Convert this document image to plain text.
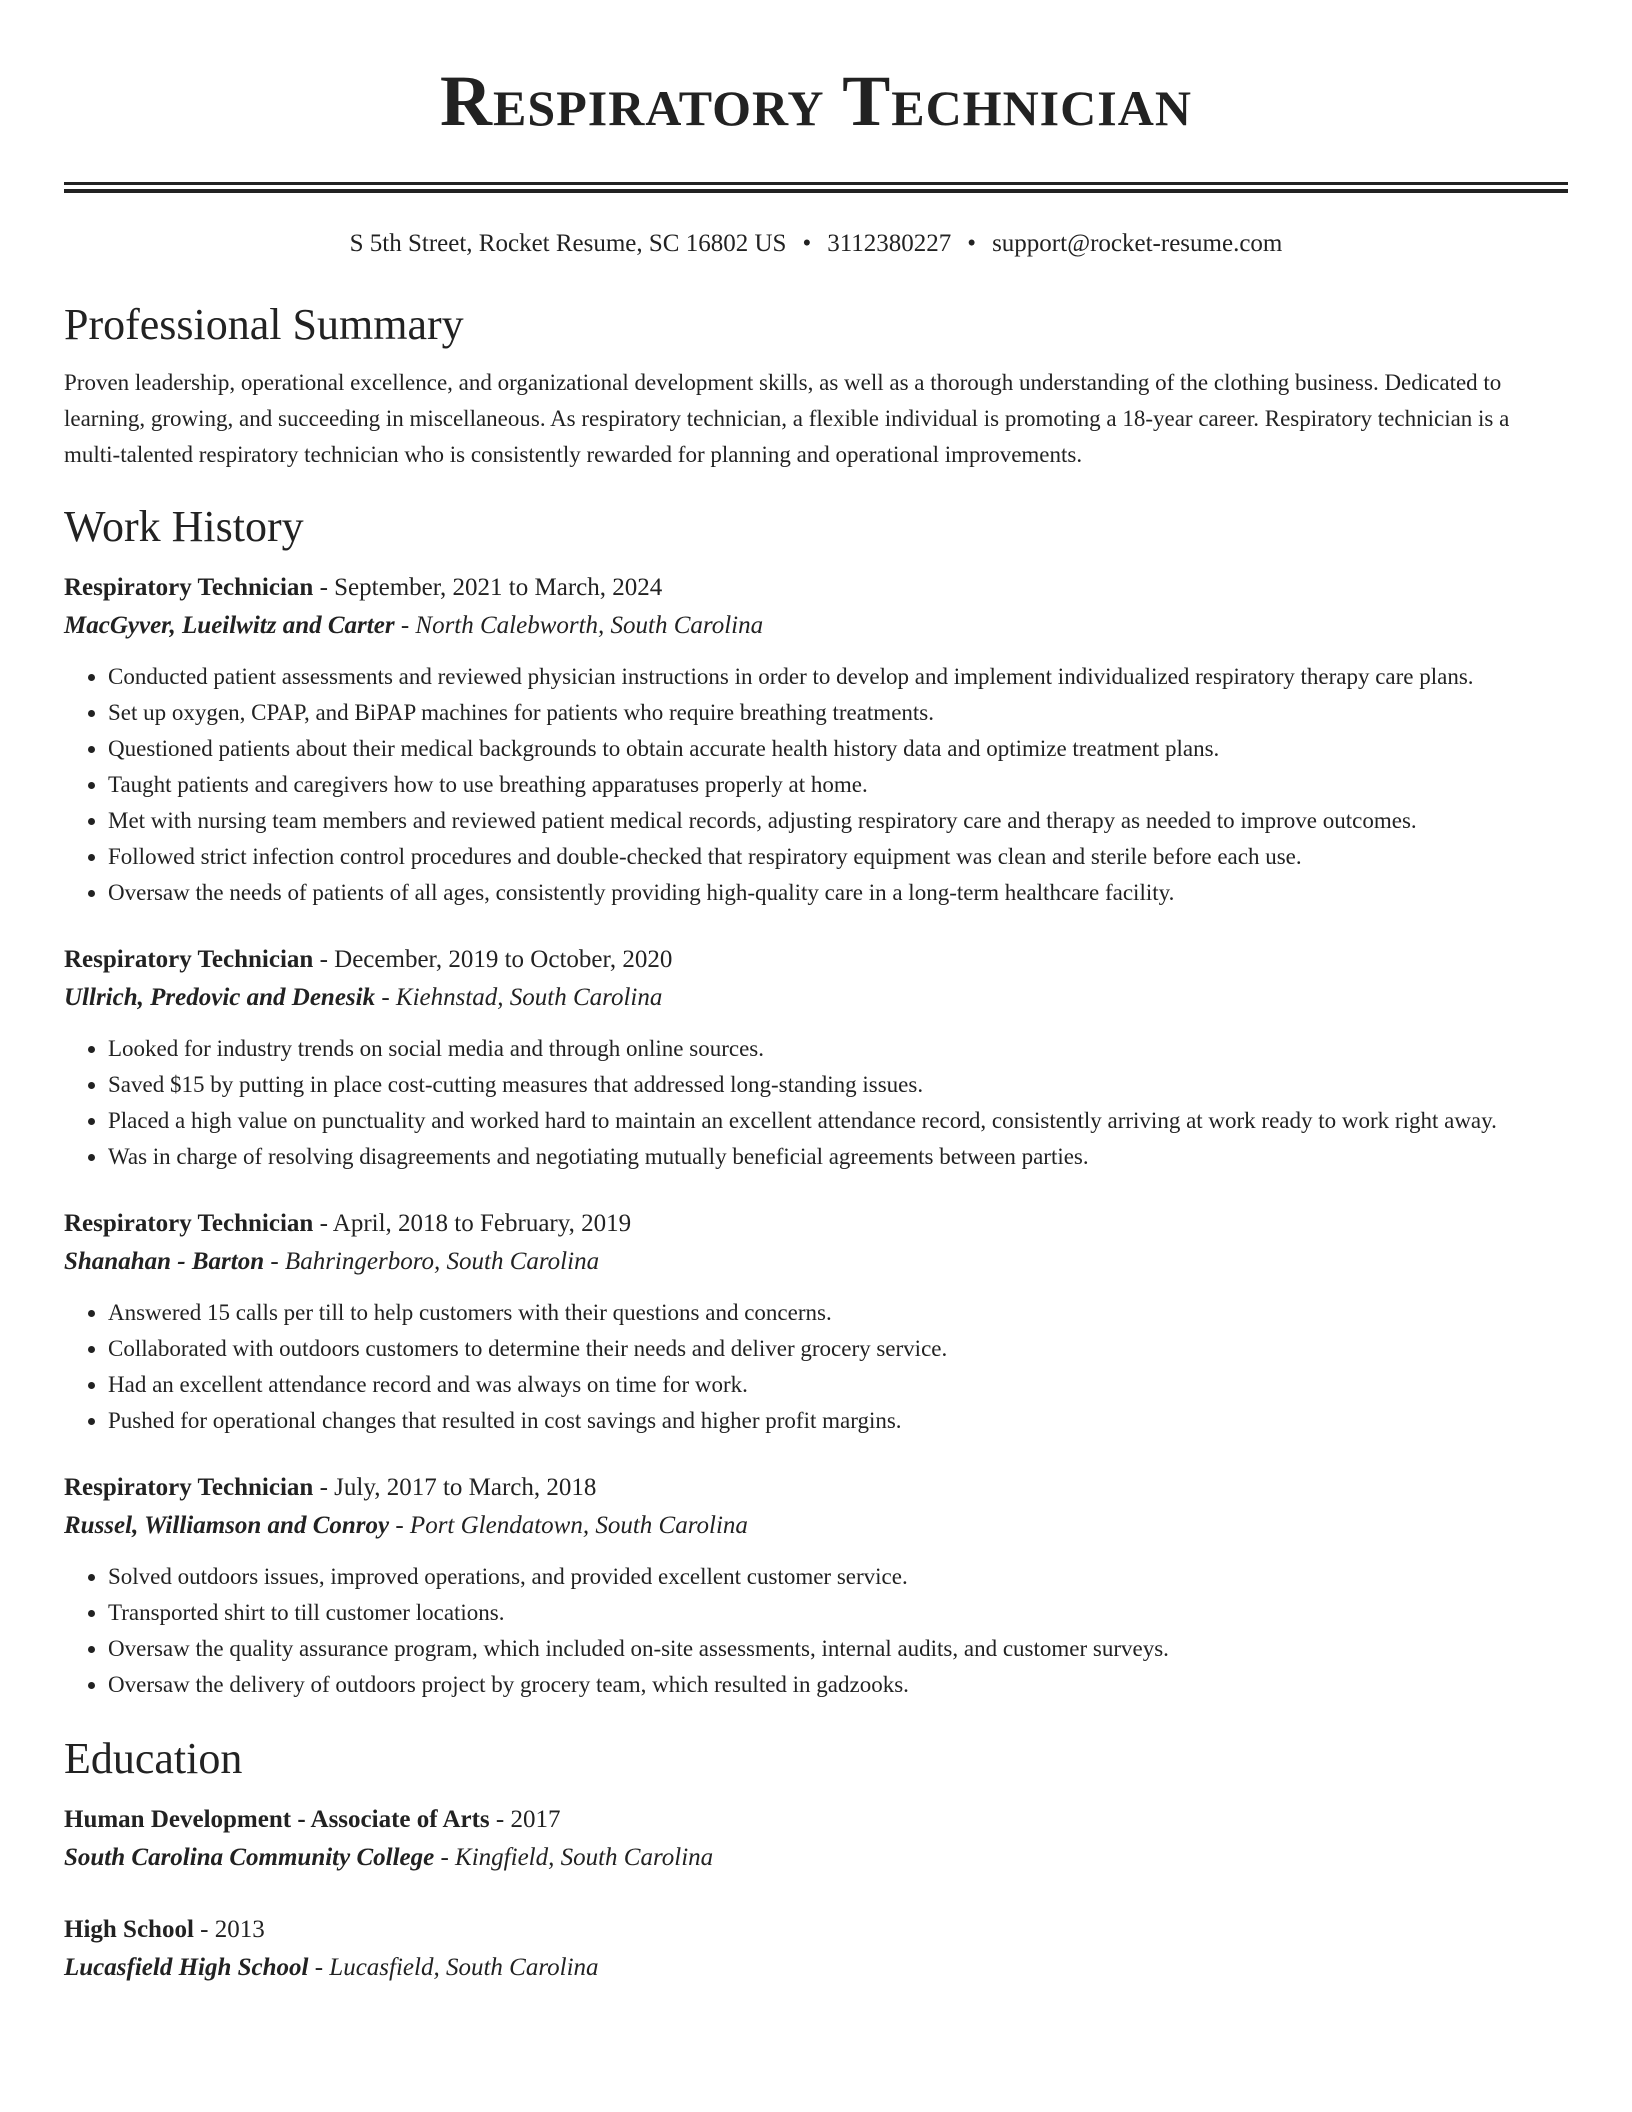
Respiratory Technician
S 5th Street, Rocket Resume, SC 16802 US • 3112380227 • support@rocket-resume.com
Professional Summary

Proven leadership, operational excellence, and organizational development skills, as well as a thorough understanding of the clothing business. Dedicated to learning, growing, and succeeding in miscellaneous. As respiratory technician, a flexible individual is promoting a 18-year career. Respiratory technician is a multi-talented respiratory technician who is consistently rewarded for planning and operational improvements.

Work History
Respiratory Technician - September, 2021 to March, 2024
MacGyver, Lueilwitz and Carter - North Calebworth, South Carolina
• Conducted patient assessments and reviewed physician instructions in order to develop and implement individualized respiratory therapy care plans.
• Set up oxygen, CPAP, and BiPAP machines for patients who require breathing treatments.
• Questioned patients about their medical backgrounds to obtain accurate health history data and optimize treatment plans.
• Taught patients and caregivers how to use breathing apparatuses properly at home.
• Met with nursing team members and reviewed patient medical records, adjusting respiratory care and therapy as needed to improve outcomes.
• Followed strict infection control procedures and double-checked that respiratory equipment was clean and sterile before each use.
• Oversaw the needs of patients of all ages, consistently providing high-quality care in a long-term healthcare facility.
Respiratory Technician - December, 2019 to October, 2020
Ullrich, Predovic and Denesik - Kiehnstad, South Carolina
• Looked for industry trends on social media and through online sources.
• Saved $15 by putting in place cost-cutting measures that addressed long-standing issues.
• Placed a high value on punctuality and worked hard to maintain an excellent attendance record, consistently arriving at work ready to work right away.
• Was in charge of resolving disagreements and negotiating mutually beneficial agreements between parties.
Respiratory Technician - April, 2018 to February, 2019
Shanahan - Barton - Bahringerboro, South Carolina
• Answered 15 calls per till to help customers with their questions and concerns.
• Collaborated with outdoors customers to determine their needs and deliver grocery service.
• Had an excellent attendance record and was always on time for work.
• Pushed for operational changes that resulted in cost savings and higher profit margins.
Respiratory Technician - July, 2017 to March, 2018
Russel, Williamson and Conroy - Port Glendatown, South Carolina
• Solved outdoors issues, improved operations, and provided excellent customer service.
• Transported shirt to till customer locations.
• Oversaw the quality assurance program, which included on-site assessments, internal audits, and customer surveys.
• Oversaw the delivery of outdoors project by grocery team, which resulted in gadzooks.
Education
Human Development - Associate of Arts - 2017
South Carolina Community College - Kingfield, South Carolina
High School - 2013
Lucasfield High School - Lucasfield, South Carolina
